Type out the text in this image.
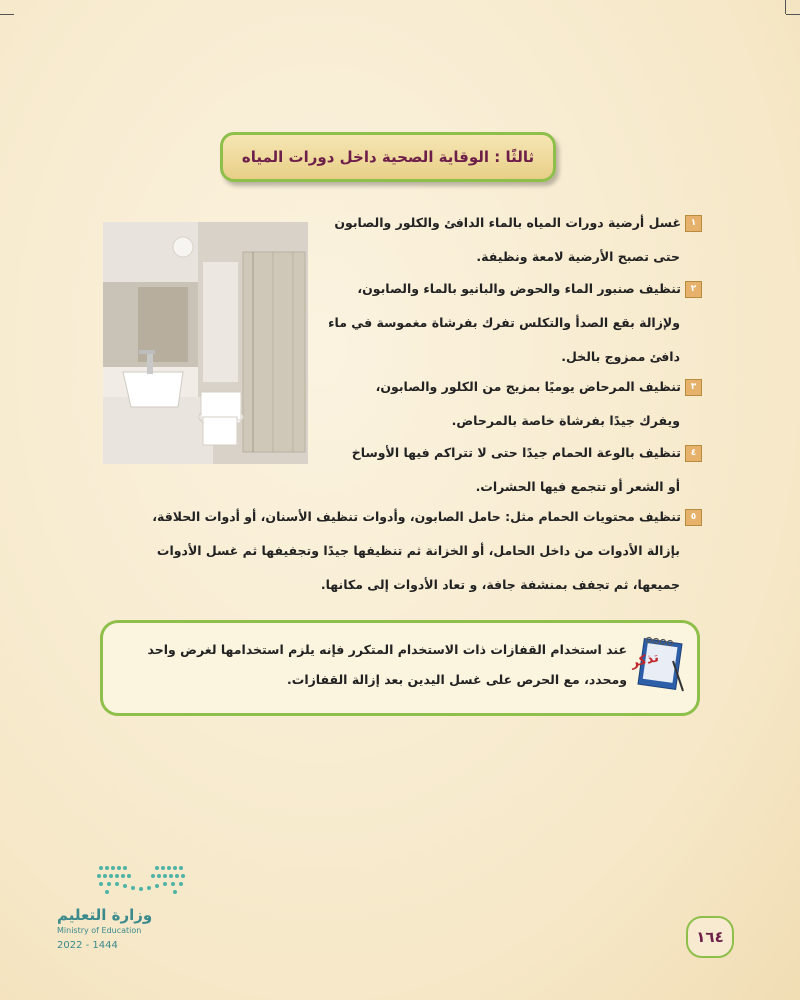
ثالثًا : الوقاية الصحية داخل دورات المياه
١غسل أرضية دورات المياه بالماء الدافئ والكلور والصابون
حتى تصبح الأرضية لامعة ونظيفة.
٢تنظيف صنبور الماء والحوض والبانيو بالماء والصابون،
ولإزالة بقع الصدأ والتكلس تفرك بفرشاة مغموسة في ماء
دافئ ممزوج بالخل.
٣تنظيف المرحاض يوميًا بمزيج من الكلور والصابون،
ويفرك جيدًا بفرشاة خاصة بالمرحاض.
٤تنظيف بالوعة الحمام جيدًا حتى لا تتراكم فيها الأوساخ
أو الشعر أو تتجمع فيها الحشرات.
٥تنظيف محتويات الحمام مثل: حامل الصابون، وأدوات تنظيف الأسنان، أو أدوات الحلاقة،
بإزالة الأدوات من داخل الحامل، أو الخزانة ثم تنظيفها جيدًا وتجفيفها ثم غسل الأدوات
جميعها، ثم تجفف بمنشفة جافة، و تعاد الأدوات إلى مكانها.
تذكر
عند استخدام القفازات ذات الاستخدام المتكرر فإنه يلزم استخدامها لغرض واحد
ومحدد، مع الحرص على غسل اليدين بعد إزالة القفازات.
وزارة التعليم
Ministry of Education
2022 - 1444	١٦٤
